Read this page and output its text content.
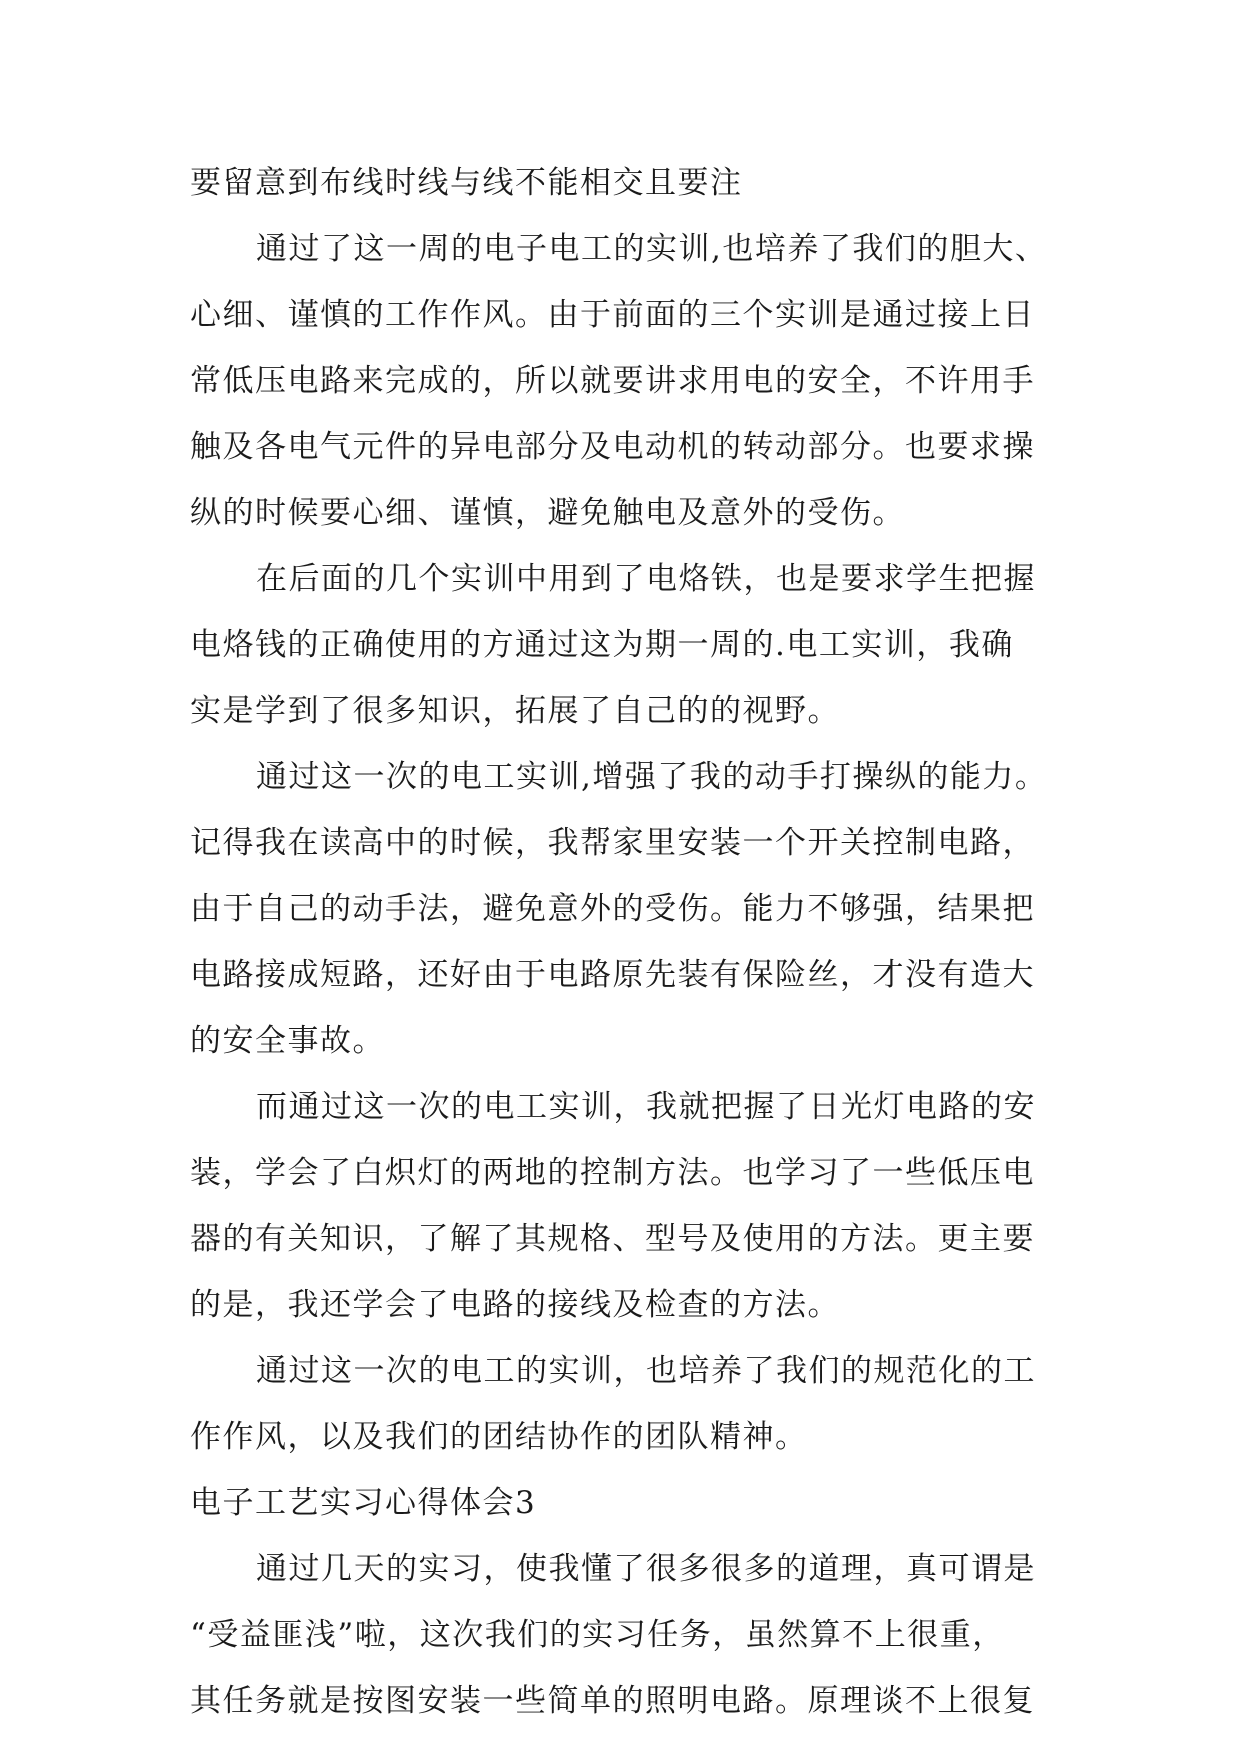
要留意到布线时线与线不能相交且要注
通过了这一周的电子电工的实训,也培养了我们的胆大、
心细、谨慎的工作作风。由于前面的三个实训是通过接上日
常低压电路来完成的，所以就要讲求用电的安全，不许用手
触及各电气元件的异电部分及电动机的转动部分。也要求操
纵的时候要心细、谨慎，避免触电及意外的受伤。
在后面的几个实训中用到了电烙铁，也是要求学生把握
电烙钱的正确使用的方通过这为期一周的.电工实训，我确
实是学到了很多知识，拓展了自己的的视野。
通过这一次的电工实训,增强了我的动手打操纵的能力。
记得我在读高中的时候，我帮家里安装一个开关控制电路，
由于自己的动手法，避免意外的受伤。能力不够强，结果把
电路接成短路，还好由于电路原先装有保险丝，才没有造大
的安全事故。
而通过这一次的电工实训，我就把握了日光灯电路的安
装，学会了白炽灯的两地的控制方法。也学习了一些低压电
器的有关知识，了解了其规格、型号及使用的方法。更主要
的是，我还学会了电路的接线及检查的方法。
通过这一次的电工的实训，也培养了我们的规范化的工
作作风，以及我们的团结协作的团队精神。
电子工艺实习心得体会3
通过几天的实习，使我懂了很多很多的道理，真可谓是
“受益匪浅”啦，这次我们的实习任务，虽然算不上很重，
其任务就是按图安装一些简单的照明电路。原理谈不上很复
